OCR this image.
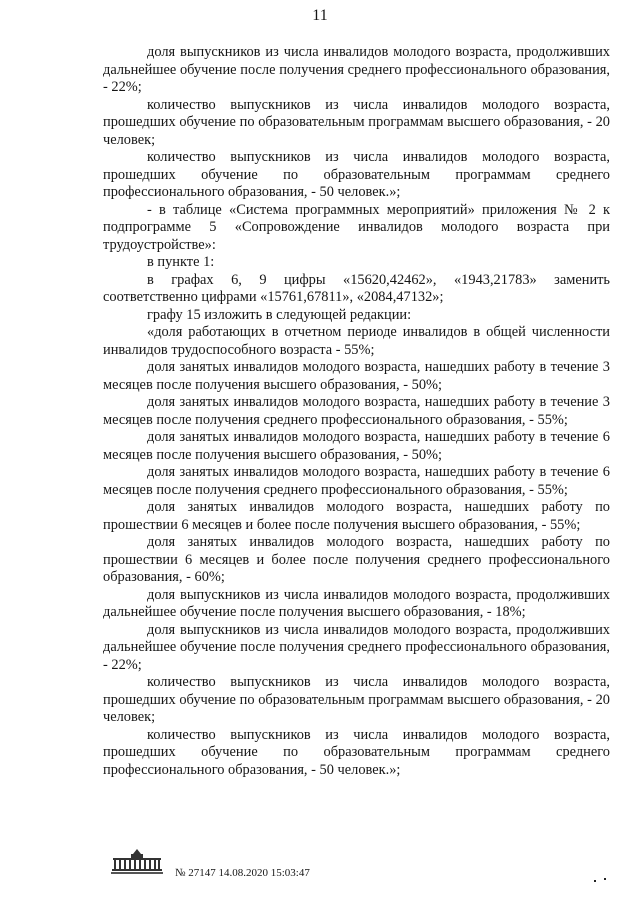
11

доля выпускников из числа инвалидов молодого возраста, продолживших дальнейшее обучение после получения среднего профессионального образования, - 22%;

количество выпускников из числа инвалидов молодого возраста, прошедших обучение по образовательным программам высшего образования, - 20 человек;

количество выпускников из числа инвалидов молодого возраста, прошедших обучение по образовательным программам среднего профессионального образования, - 50 человек.»;

- в таблице «Система программных мероприятий» приложения № 2 к подпрограмме 5 «Сопровождение инвалидов молодого возраста при трудоустройстве»:

в пункте 1:

в графах 6, 9 цифры «15620,42462», «1943,21783» заменить соответственно цифрами «15761,67811», «2084,47132»;

графу 15 изложить в следующей редакции:

«доля работающих в отчетном периоде инвалидов в общей численности инвалидов трудоспособного возраста - 55%;

доля занятых инвалидов молодого возраста, нашедших работу в течение 3 месяцев после получения высшего образования, - 50%;

доля занятых инвалидов молодого возраста, нашедших работу в течение 3 месяцев после получения среднего профессионального образования, - 55%;

доля занятых инвалидов молодого возраста, нашедших работу в течение 6 месяцев после получения высшего образования, - 50%;

доля занятых инвалидов молодого возраста, нашедших работу в течение 6 месяцев после получения среднего профессионального образования, - 55%;

доля занятых инвалидов молодого возраста, нашедших работу по прошествии 6 месяцев и более после получения высшего образования, - 55%;

доля занятых инвалидов молодого возраста, нашедших работу по прошествии 6 месяцев и более после получения среднего профессионального образования, - 60%;

доля выпускников из числа инвалидов молодого возраста, продолживших дальнейшее обучение после получения высшего образования, - 18%;

доля выпускников из числа инвалидов молодого возраста, продолживших дальнейшее обучение после получения среднего профессионального образования, - 22%;

количество выпускников из числа инвалидов молодого возраста, прошедших обучение по образовательным программам высшего образования, - 20 человек;

количество выпускников из числа инвалидов молодого возраста, прошедших обучение по образовательным программам среднего профессионального образования, - 50 человек.»;

№ 27147 14.08.2020 15:03:47
